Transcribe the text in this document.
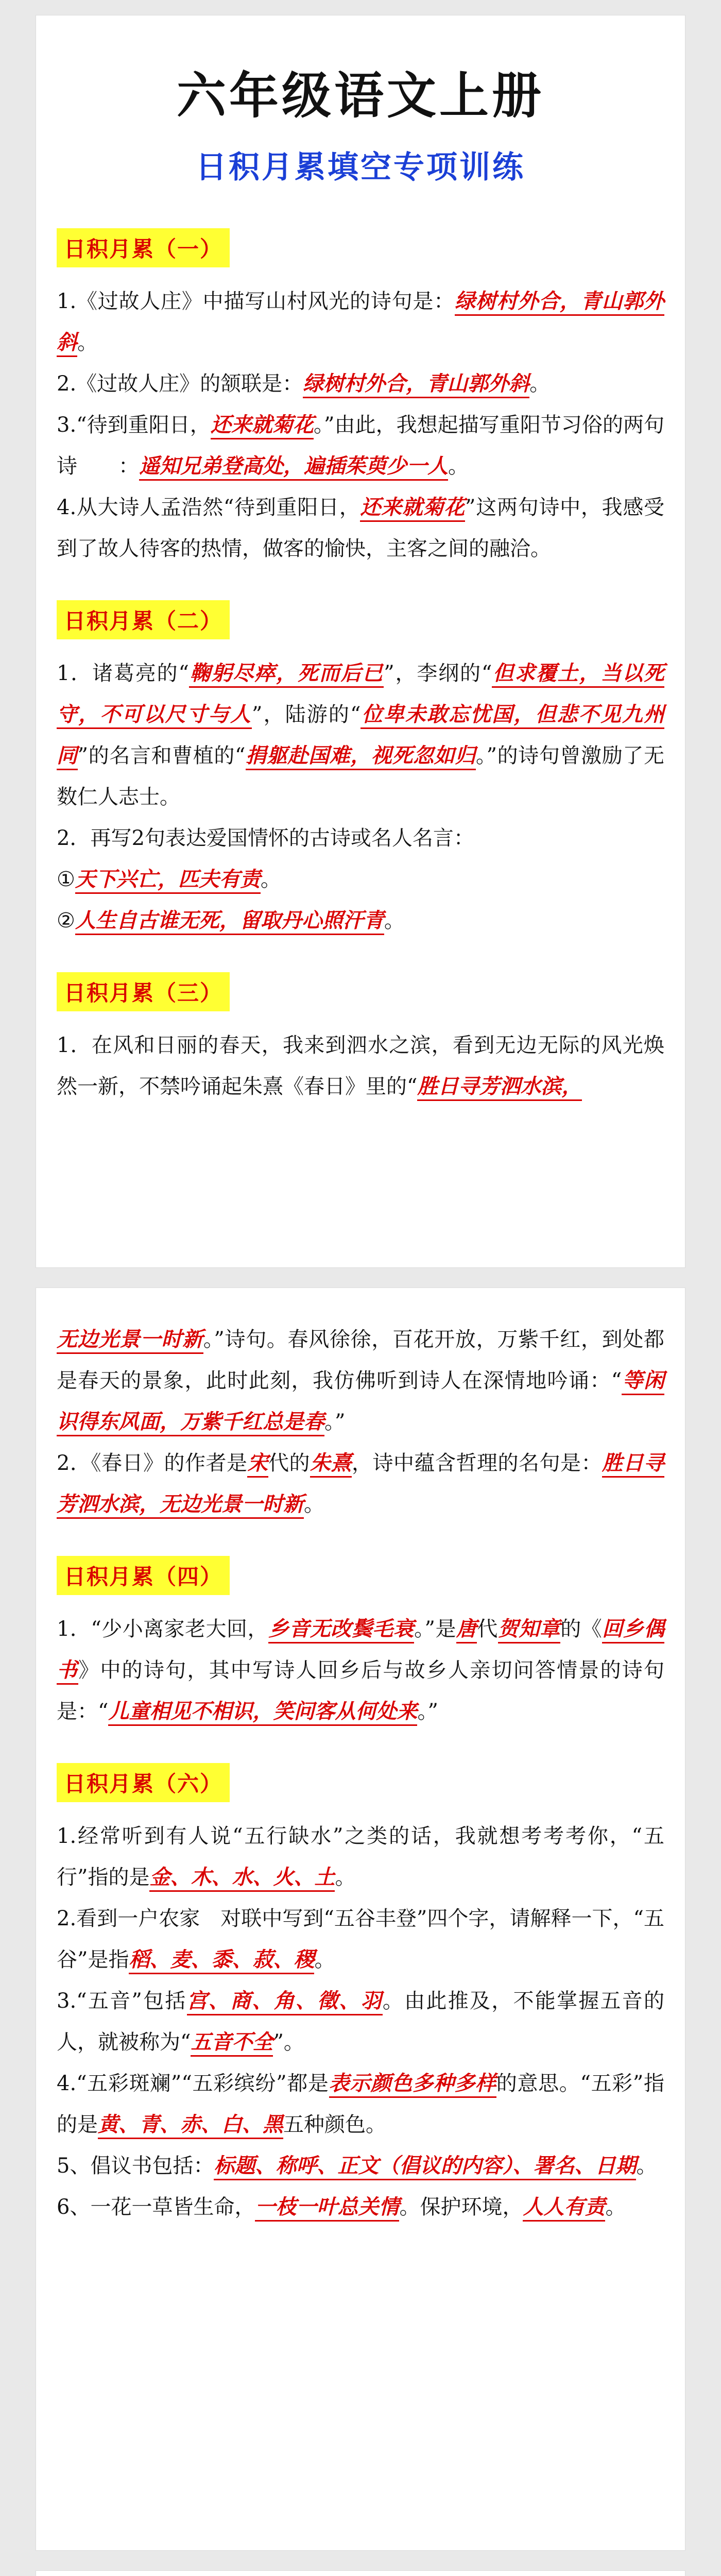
六年级语文上册
日积月累填空专项训练
日积月累（一）

1.《过故人庄》中描写山村风光的诗句是：绿树村外合，青山郭外斜。

2.《过故人庄》的颔联是：绿树村外合，青山郭外斜。

3.“待到重阳日，还来就菊花。”由此，我想起描写重阳节习俗的两句诗　　：遥知兄弟登高处，遍插茱萸少一人。

4.从大诗人孟浩然“待到重阳日，还来就菊花”这两句诗中，我感受到了故人待客的热情，做客的愉快，主客之间的融洽。

日积月累（二）

1．诸葛亮的“鞠躬尽瘁，死而后已”，李纲的“但求覆土，当以死守，不可以尺寸与人”，陆游的“位卑未敢忘忧国，但悲不见九州同”的名言和曹植的“捐躯赴国难，视死忽如归。”的诗句曾激励了无数仁人志士。

2．再写2句表达爱国情怀的古诗或名人名言：

①天下兴亡，匹夫有责。

②人生自古谁无死，留取丹心照汗青。

日积月累（三）

1．在风和日丽的春天，我来到泗水之滨，看到无边无际的风光焕然一新，不禁吟诵起朱熹《春日》里的“胜日寻芳泗水滨，

无边光景一时新。”诗句。春风徐徐，百花开放，万紫千红，到处都是春天的景象，此时此刻，我仿佛听到诗人在深情地吟诵：“等闲识得东风面，万紫千红总是春。”

2．《春日》的作者是宋代的朱熹，诗中蕴含哲理的名句是：胜日寻芳泗水滨，无边光景一时新。

日积月累（四）

1．“少小离家老大回，乡音无改鬓毛衰。”是唐代贺知章的《回乡偶书》中的诗句，其中写诗人回乡后与故乡人亲切问答情景的诗句是：“儿童相见不相识，笑问客从何处来。”

日积月累（六）

1.经常听到有人说“五行缺水”之类的话，我就想考考考你，“五行”指的是金、木、水、火、土。

2.看到一户农家　对联中写到“五谷丰登”四个字，请解释一下，“五谷”是指稻、麦、黍、菽、稷。

3.“五音”包括宫、商、角、徵、羽。由此推及，不能掌握五音的人，就被称为“五音不全”。

4.“五彩斑斓”“五彩缤纷”都是表示颜色多种多样的意思。“五彩”指的是黄、青、赤、白、黑五种颜色。

5、倡议书包括：标题、称呼、正文（倡议的内容）、署名、日期。

6、一花一草皆生命，一枝一叶总关情。保护环境，人人有责。
